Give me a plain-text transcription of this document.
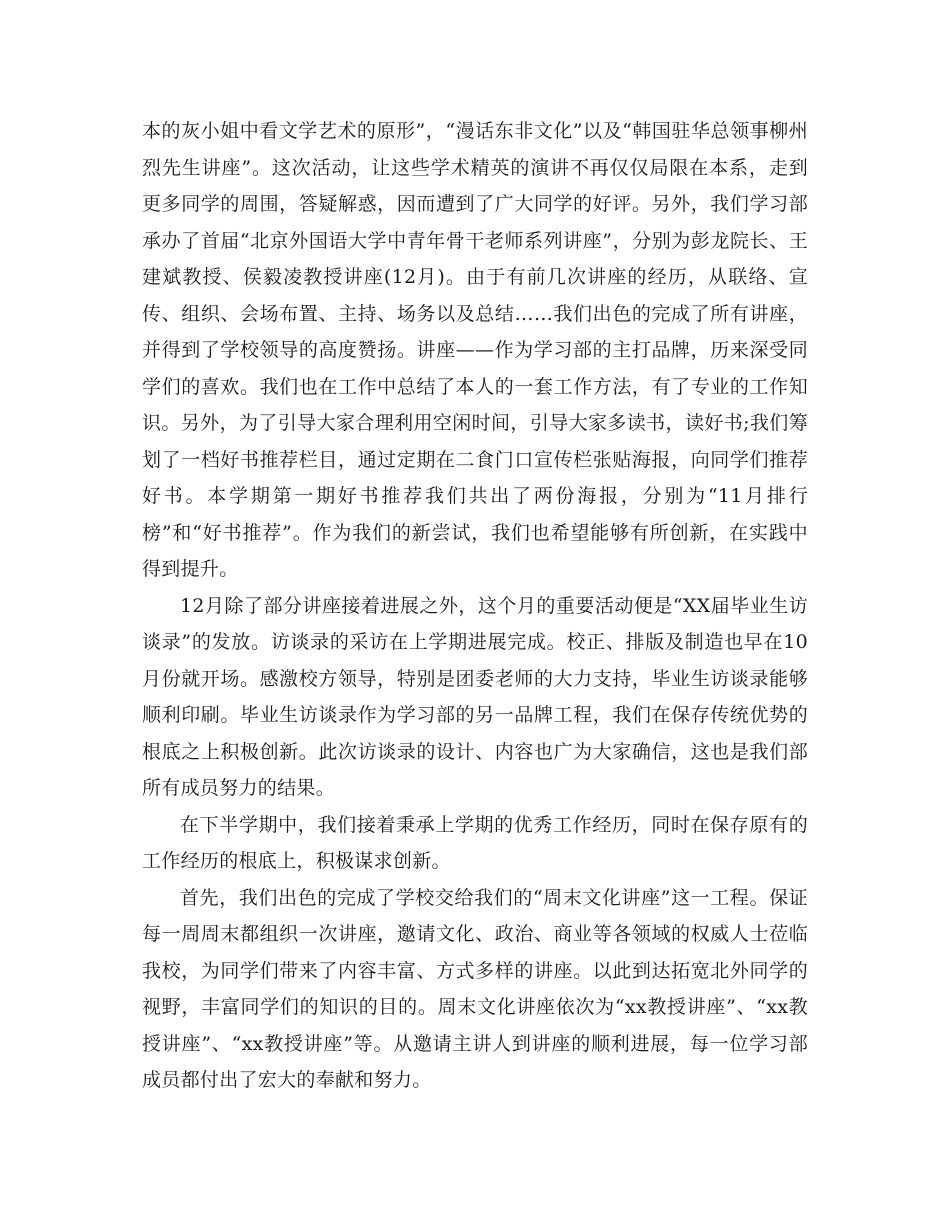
本的灰小姐中看文学艺术的原形”，“漫话东非文化”以及“韩国驻华总领事柳州烈先生讲座”。这次活动，让这些学术精英的演讲不再仅仅局限在本系，走到更多同学的周围，答疑解惑，因而遭到了广大同学的好评。另外，我们学习部承办了首届“北京外国语大学中青年骨干老师系列讲座”，分别为彭龙院长、王建斌教授、侯毅凌教授讲座(12月)。由于有前几次讲座的经历，从联络、宣传、组织、会场布置、主持、场务以及总结……我们出色的完成了所有讲座，并得到了学校领导的高度赞扬。讲座——作为学习部的主打品牌，历来深受同学们的喜欢。我们也在工作中总结了本人的一套工作方法，有了专业的工作知识。另外，为了引导大家合理利用空闲时间，引导大家多读书，读好书;我们筹划了一档好书推荐栏目，通过定期在二食门口宣传栏张贴海报，向同学们推荐好书。本学期第一期好书推荐我们共出了两份海报，分别为“11月排行榜”和“好书推荐”。作为我们的新尝试，我们也希望能够有所创新，在实践中得到提升。

12月除了部分讲座接着进展之外，这个月的重要活动便是“XX届毕业生访谈录”的发放。访谈录的采访在上学期进展完成。校正、排版及制造也早在10月份就开场。感激校方领导，特别是团委老师的大力支持，毕业生访谈录能够顺利印刷。毕业生访谈录作为学习部的另一品牌工程，我们在保存传统优势的根底之上积极创新。此次访谈录的设计、内容也广为大家确信，这也是我们部所有成员努力的结果。

在下半学期中，我们接着秉承上学期的优秀工作经历，同时在保存原有的工作经历的根底上，积极谋求创新。

首先，我们出色的完成了学校交给我们的“周末文化讲座”这一工程。保证每一周周末都组织一次讲座，邀请文化、政治、商业等各领域的权威人士莅临我校，为同学们带来了内容丰富、方式多样的讲座。以此到达拓宽北外同学的视野，丰富同学们的知识的目的。周末文化讲座依次为“xx教授讲座”、“xx教授讲座”、“xx教授讲座”等。从邀请主讲人到讲座的顺利进展，每一位学习部成员都付出了宏大的奉献和努力。
